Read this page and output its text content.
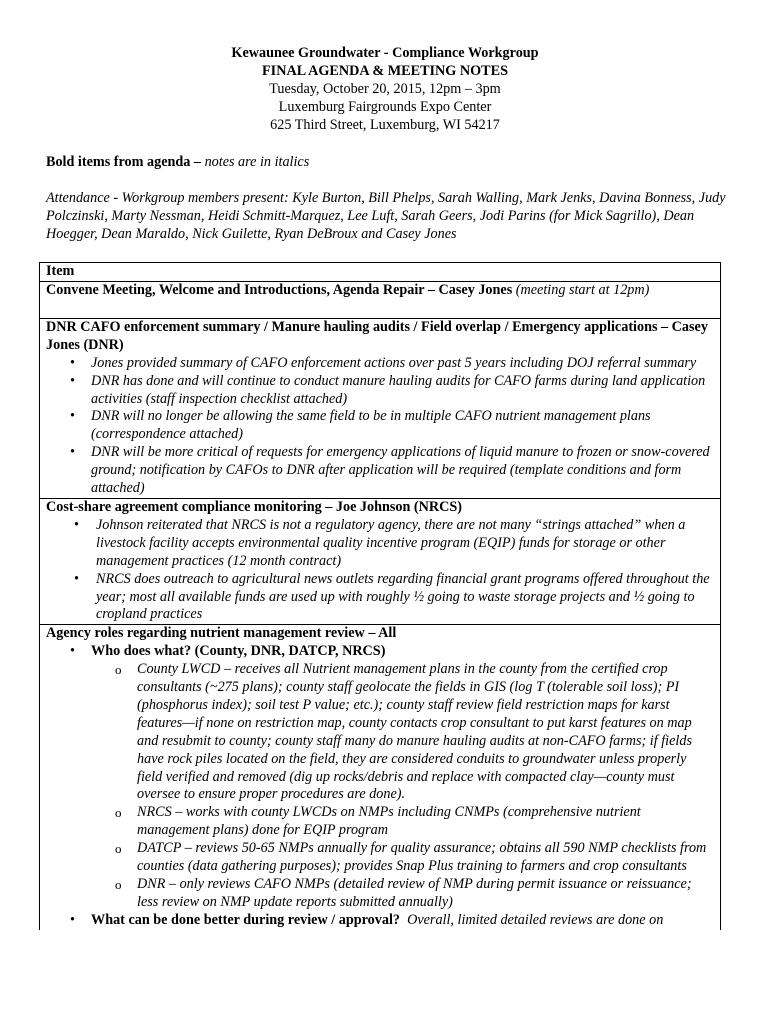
Kewaunee Groundwater - Compliance Workgroup
FINAL AGENDA & MEETING NOTES
Tuesday, October 20, 2015, 12pm – 3pm
Luxemburg Fairgrounds Expo Center
625 Third Street, Luxemburg, WI 54217
Bold items from agenda – notes are in italics
Attendance - Workgroup members present: Kyle Burton, Bill Phelps, Sarah Walling, Mark Jenks, Davina Bonness, Judy Polczinski, Marty Nessman, Heidi Schmitt-Marquez, Lee Luft, Sarah Geers, Jodi Parins (for Mick Sagrillo), Dean Hoegger, Dean Maraldo, Nick Guilette, Ryan DeBroux and Casey Jones
Item
Convene Meeting, Welcome and Introductions, Agenda Repair – Casey Jones (meeting start at 12pm)

DNR CAFO enforcement summary / Manure hauling audits / Field overlap / Emergency applications – Casey Jones (DNR)
• Jones provided summary of CAFO enforcement actions over past 5 years including DOJ referral summary
• DNR has done and will continue to conduct manure hauling audits for CAFO farms during land application activities (staff inspection checklist attached)
• DNR will no longer be allowing the same field to be in multiple CAFO nutrient management plans (correspondence attached)
• DNR will be more critical of requests for emergency applications of liquid manure to frozen or snow-covered ground; notification by CAFOs to DNR after application will be required (template conditions and form attached)

Cost-share agreement compliance monitoring – Joe Johnson (NRCS)
• Johnson reiterated that NRCS is not a regulatory agency, there are not many “strings attached” when a livestock facility accepts environmental quality incentive program (EQIP) funds for storage or other management practices (12 month contract)
• NRCS does outreach to agricultural news outlets regarding financial grant programs offered throughout the year; most all available funds are used up with roughly ½ going to waste storage projects and ½ going to cropland practices

Agency roles regarding nutrient management review – All
• Who does what? (County, DNR, DATCP, NRCS)
o County LWCD – receives all Nutrient management plans in the county from the certified crop consultants (~275 plans); county staff geolocate the fields in GIS (log T (tolerable soil loss); PI (phosphorus index); soil test P value; etc.); county staff review field restriction maps for karst features—if none on restriction map, county contacts crop consultant to put karst features on map and resubmit to county; county staff many do manure hauling audits at non-CAFO farms; if fields have rock piles located on the field, they are considered conduits to groundwater unless properly field verified and removed (dig up rocks/debris and replace with compacted clay—county must oversee to ensure proper procedures are done).
o NRCS – works with county LWCDs on NMPs including CNMPs (comprehensive nutrient management plans) done for EQIP program
o DATCP – reviews 50-65 NMPs annually for quality assurance; obtains all 590 NMP checklists from counties (data gathering purposes); provides Snap Plus training to farmers and crop consultants
o DNR – only reviews CAFO NMPs (detailed review of NMP during permit issuance or reissuance; less review on NMP update reports submitted annually)
• What can be done better during review / approval? Overall, limited detailed reviews are done on
